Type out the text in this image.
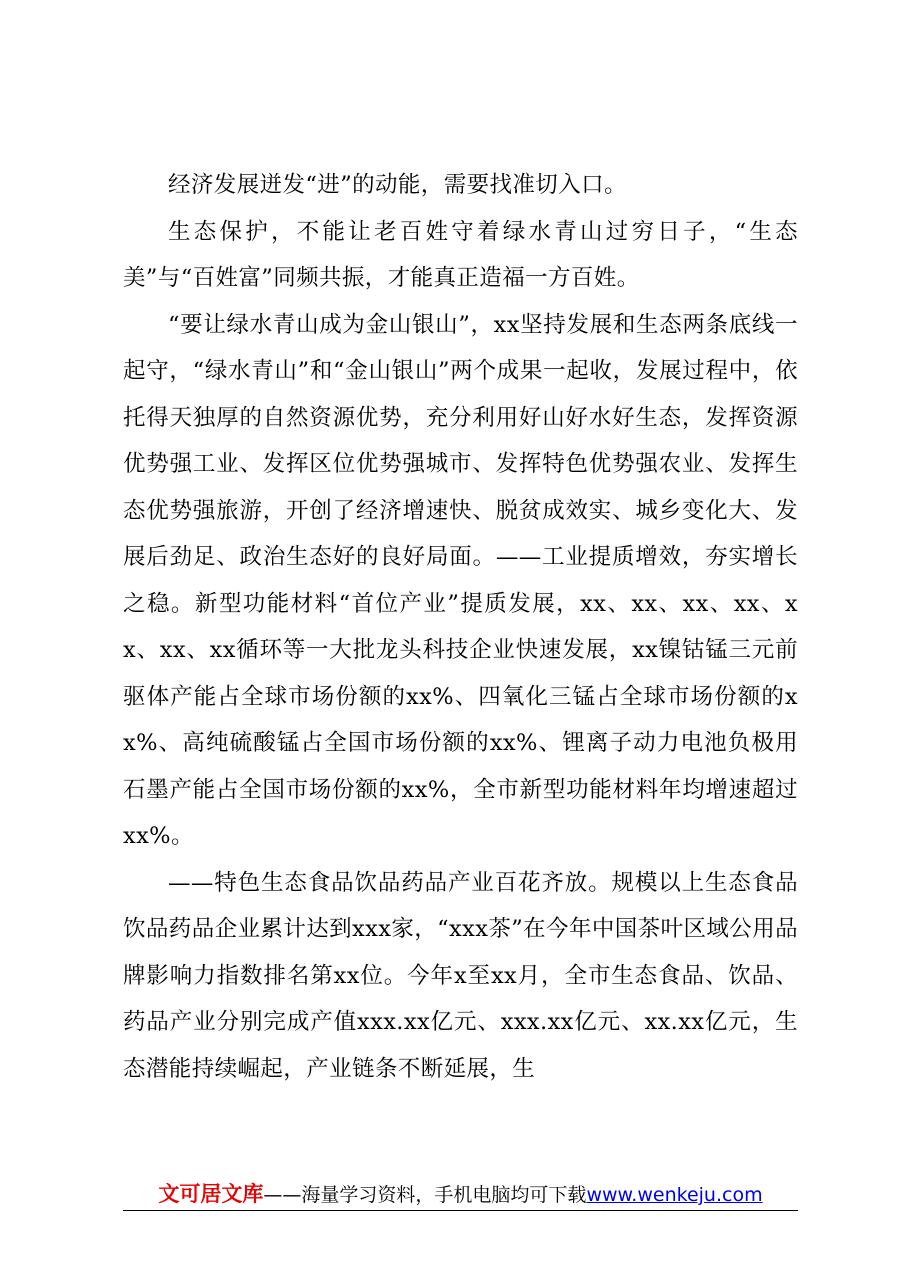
经济发展迸发“进”的动能，需要找准切入口。

生态保护，不能让老百姓守着绿水青山过穷日子，“生态美”与“百姓富”同频共振，才能真正造福一方百姓。

“要让绿水青山成为金山银山”，xx坚持发展和生态两条底线一起守，“绿水青山”和“金山银山”两个成果一起收，发展过程中，依托得天独厚的自然资源优势，充分利用好山好水好生态，发挥资源优势强工业、发挥区位优势强城市、发挥特色优势强农业、发挥生态优势强旅游，开创了经济增速快、脱贫成效实、城乡变化大、发展后劲足、政治生态好的良好局面。——工业提质增效，夯实增长之稳。新型功能材料“首位产业”提质发展，xx、xx、xx、xx、xx、xx、xx循环等一大批龙头科技企业快速发展，xx镍钴锰三元前驱体产能占全球市场份额的xx%、四氧化三锰占全球市场份额的xx%、高纯硫酸锰占全国市场份额的xx%、锂离子动力电池负极用石墨产能占全国市场份额的xx%，全市新型功能材料年均增速超过xx%。

——特色生态食品饮品药品产业百花齐放。规模以上生态食品饮品药品企业累计达到xxx家，“xxx茶”在今年中国茶叶区域公用品牌影响力指数排名第xx位。今年x至xx月，全市生态食品、饮品、药品产业分别完成产值xxx.xx亿元、xxx.xx亿元、xx.xx亿元，生态潜能持续崛起，产业链条不断延展，生

文可居文库——海量学习资料，手机电脑均可下载www.wenkeju.com
